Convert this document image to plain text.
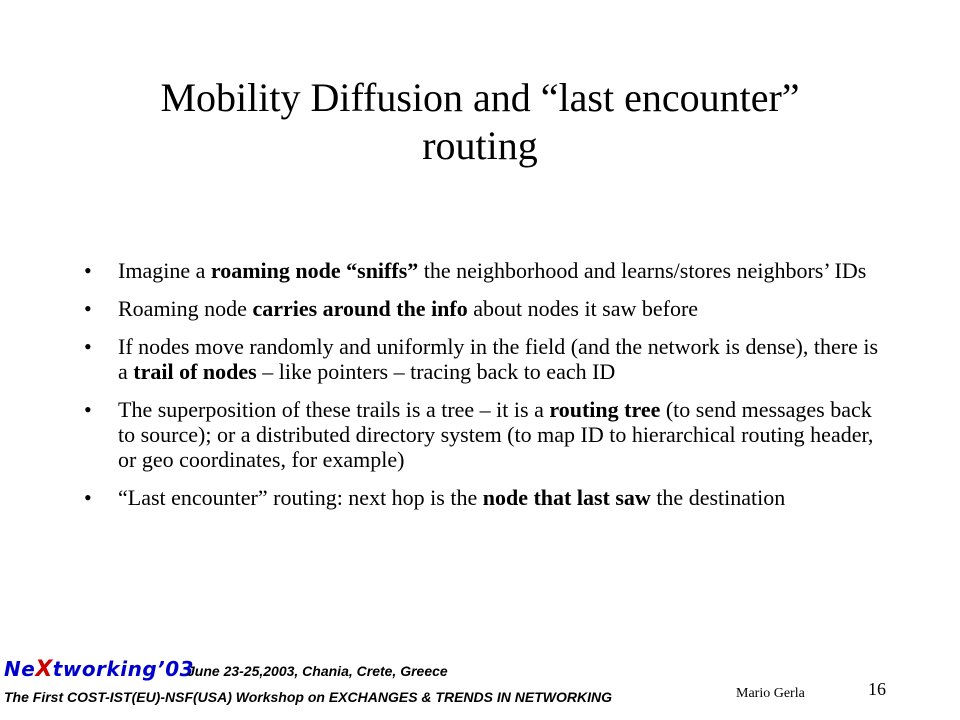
Mobility Diffusion and “last encounter”
routing
• Imagine a roaming node “sniffs” the neighborhood and learns/stores neighbors’ IDs
• Roaming node carries around the info about nodes it saw before
• If nodes move randomly and uniformly in the field (and the network is dense), there is a trail of nodes – like pointers – tracing back to each ID
• The superposition of these trails is a tree – it is a routing tree (to send messages back to source); or a distributed directory system (to map ID to hierarchical routing header, or geo coordinates, for example)
• “Last encounter” routing: next hop is the node that last saw the destination
NeXtworking’03
June 23-25,2003, Chania, Crete, Greece
The First COST-IST(EU)-NSF(USA) Workshop on EXCHANGES & TRENDS IN NETWORKING	Mario Gerla	16
